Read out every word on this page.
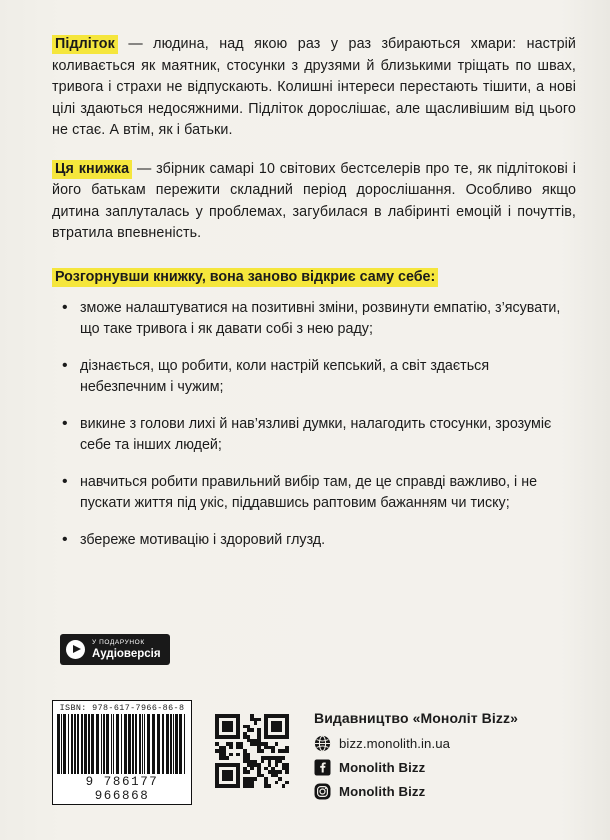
Підліток — людина, над якою раз у раз збираються хмари: настрій коливається як маятник, стосунки з друзями й близькими тріщать по швах, тривога і страхи не відпускають. Колишні інтереси перестають тішити, а нові цілі здаються недосяжними. Підліток дорослішає, але щасливішим від цього не стає. А втім, як і батьки.

Ця книжка — збірник самарі 10 світових бестселерів про те, як підлітокові і його батькам пережити складний період дорослішання. Особливо якщо дитина заплуталась у проблемах, загубилася в лабіринті емоцій і почуттів, втратила впевненість.

Розгорнувши книжку, вона заново відкриє саму себе:
• зможе налаштуватися на позитивні зміни, розвинути емпатію, з’ясувати, що таке тривога і як давати собі з нею раду;
• дізнається, що робити, коли настрій кепський, а світ здається небезпечним і чужим;
• викине з голови лихі й нав’язливі думки, налагодить стосунки, зрозуміє себе та інших людей;
• навчиться робити правильний вибір там, де це справді важливо, і не пускати життя під укіс, піддавшись раптовим бажанням чи тиску;
• збереже мотивацію і здоровий глузд.
У ПОДАРУНОК
Аудіоверсія
ISBN: 978-617-7966-86-8
9 786177 966868
Видавництво «Моноліт Bizz»
bizz.monolith.in.ua
Monolith Bizz
Monolith Bizz
